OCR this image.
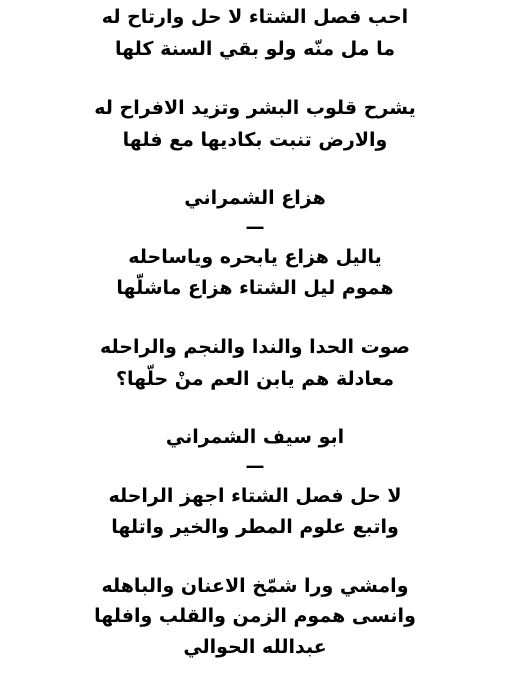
احب فصل الشتاء لا حل وارتاح له
ما مل منّه ولو بقي السنة كلها
يشرح قلوب البشر وتزيد الافراح له
والارض تنبت بكاديها مع فلها
هزاع الشمراني
—
ياليل هزاع يابحره وياساحله
هموم ليل الشتاء هزاع ماشلّها
صوت الحدا والندا والنجم والراحله
معادلة هم يابن العم منْ حلّها؟
ابو سيف الشمراني
—
لا حل فصل الشتاء اجهز الراحله
واتبع علوم المطر والخير واتلها
وامشي ورا شمّخ الاعنان والباهله
وانسى هموم الزمن والقلب وافلها
عبدالله الحوالي
